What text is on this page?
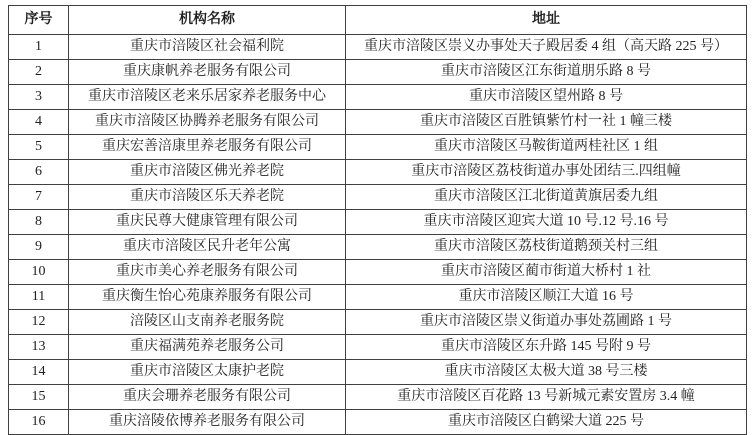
序号	机构名称	地址
1	重庆市涪陵区社会福利院	重庆市涪陵区崇义办事处天子殿居委 4 组（高天路 225 号）
2	重庆康帆养老服务有限公司	重庆市涪陵区江东街道朋乐路 8 号
3	重庆市涪陵区老来乐居家养老服务中心	重庆市涪陵区望州路 8 号
4	重庆市涪陵区协腾养老服务有限公司	重庆市涪陵区百胜镇紫竹村一社 1 幢三楼
5	重庆宏善涪康里养老服务有限公司	重庆市涪陵区马鞍街道两桂社区 1 组
6	重庆市涪陵区佛光养老院	重庆市涪陵区荔枝街道办事处团结三.四组幢
7	重庆市涪陵区乐天养老院	重庆市涪陵区江北街道黄旗居委九组
8	重庆民尊大健康管理有限公司	重庆市涪陵区迎宾大道 10 号.12 号.16 号
9	重庆市涪陵区民升老年公寓	重庆市涪陵区荔枝街道鹅颈关村三组
10	重庆市美心养老服务有限公司	重庆市涪陵区蔺市街道大桥村 1 社
11	重庆衡生怡心苑康养服务有限公司	重庆市涪陵区顺江大道 16 号
12	涪陵区山支南养老服务院	重庆市涪陵区崇义街道办事处荔圃路 1 号
13	重庆福满苑养老服务公司	重庆市涪陵区东升路 145 号附 9 号
14	重庆市涪陵区太康护老院	重庆市涪陵区太极大道 38 号三楼
15	重庆会珊养老服务有限公司	重庆市涪陵区百花路 13 号新城元素安置房 3.4 幢
16	重庆涪陵依博养老服务有限公司	重庆市涪陵区白鹤梁大道 225 号
